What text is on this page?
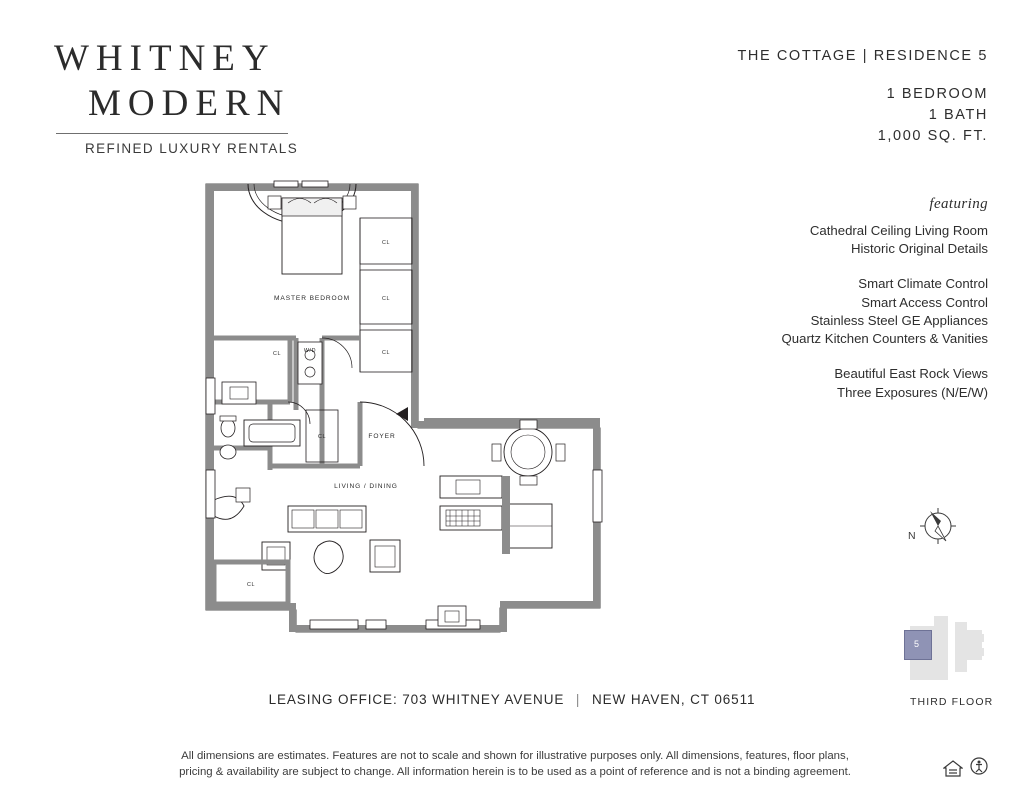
WHITNEY
MODERN
REFINED LUXURY RENTALS
THE COTTAGE | RESIDENCE 5
1 BEDROOM
1 BATH
1,000 SQ. FT.
featuring
Cathedral Ceiling Living Room
Historic Original Details
Smart Climate Control
Smart Access Control
Stainless Steel GE Appliances
Quartz Kitchen Counters & Vanities
Beautiful East Rock Views
Three Exposures (N/E/W)
N
5
THIRD FLOOR
LEASING OFFICE: 703 WHITNEY AVENUE | NEW HAVEN, CT 06511
All dimensions are estimates. Features are not to scale and shown for illustrative purposes only. All dimensions, features, floor plans,
pricing & availability are subject to change. All information herein is to be used as a point of reference and is not a binding agreement.
MASTER BEDROOM
FOYER
LIVING / DINING
CL
CL
CL
CL
CL
CL
W/D
